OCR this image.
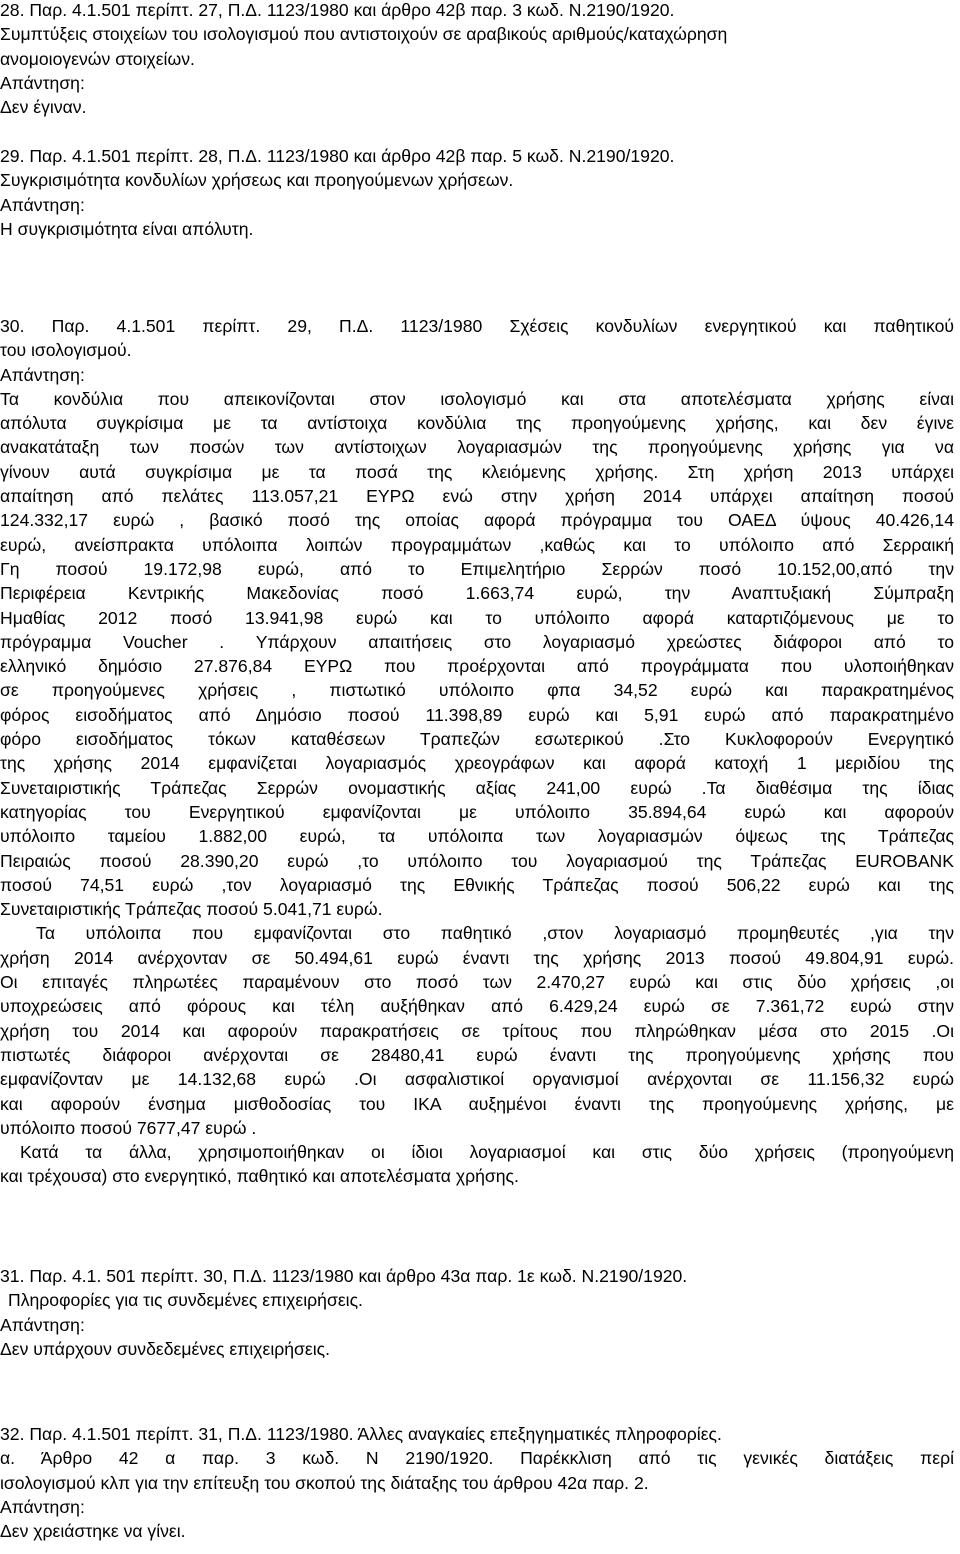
28. Παρ. 4.1.501 περίπτ. 27, Π.Δ. 1123/1980 και άρθρο 42β παρ. 3 κωδ. Ν.2190/1920.
Συμπτύξεις στοιχείων του ισολογισμού που αντιστοιχούν σε αραβικούς αριθμούς/καταχώρηση
ανομοιογενών στοιχείων.
Απάντηση:
Δεν έγιναν.
29. Παρ. 4.1.501 περίπτ. 28, Π.Δ. 1123/1980 και άρθρο 42β παρ. 5 κωδ. Ν.2190/1920.
Συγκρισιμότητα κονδυλίων χρήσεως και προηγούμενων χρήσεων.
Απάντηση:
Η συγκρισιμότητα είναι απόλυτη.
30. Παρ. 4.1.501 περίπτ. 29, Π.Δ. 1123/1980 Σχέσεις κονδυλίων ενεργητικού και παθητικού
του ισολογισμού.
Απάντηση:
Τα κονδύλια που απεικονίζονται στον ισολογισμό και στα αποτελέσματα χρήσης είναι
απόλυτα συγκρίσιμα με τα αντίστοιχα κονδύλια της προηγούμενης χρήσης, και δεν έγινε
ανακατάταξη των ποσών των αντίστοιχων λογαριασμών της προηγούμενης χρήσης για να
γίνουν αυτά συγκρίσιμα με τα ποσά της κλειόμενης χρήσης. Στη χρήση 2013 υπάρχει
απαίτηση από πελάτες 113.057,21 ΕΥΡΩ ενώ στην χρήση 2014 υπάρχει απαίτηση ποσού
124.332,17 ευρώ , βασικό ποσό της οποίας αφορά πρόγραμμα του ΟΑΕΔ ύψους 40.426,14
ευρώ, ανείσπρακτα υπόλοιπα λοιπών προγραμμάτων ,καθώς και το υπόλοιπο από Σερραική
Γη ποσού 19.172,98 ευρώ, από το Επιμελητήριο Σερρών ποσό 10.152,00,από την
Περιφέρεια Κεντρικής Μακεδονίας ποσό 1.663,74 ευρώ, την Αναπτυξιακή Σύμπραξη
Ημαθίας 2012 ποσό 13.941,98 ευρώ και το υπόλοιπο αφορά καταρτιζόμενους με το
πρόγραμμα Voucher . Υπάρχουν απαιτήσεις στο λογαριασμό χρεώστες διάφοροι από το
ελληνικό δημόσιο 27.876,84 ΕΥΡΩ που προέρχονται από προγράμματα που υλοποιήθηκαν
σε προηγούμενες χρήσεις , πιστωτικό υπόλοιπο φπα 34,52 ευρώ και παρακρατημένος
φόρος εισοδήματος από Δημόσιο ποσού 11.398,89 ευρώ και 5,91 ευρώ από παρακρατημένο
φόρο εισοδήματος τόκων καταθέσεων Τραπεζών εσωτερικού .Στο Κυκλοφορούν Ενεργητικό
της χρήσης 2014 εμφανίζεται λογαριασμός χρεογράφων και αφορά κατοχή 1 μεριδίου της
Συνεταιριστικής Τράπεζας Σερρών ονομαστικής αξίας 241,00 ευρώ .Τα διαθέσιμα της ίδιας
κατηγορίας του Ενεργητικού εμφανίζονται με υπόλοιπο 35.894,64 ευρώ και αφορούν
υπόλοιπο ταμείου 1.882,00 ευρώ, τα υπόλοιπα των λογαριασμών όψεως της Τράπεζας
Πειραιώς ποσού 28.390,20 ευρώ ,το υπόλοιπο του λογαριασμού της Τράπεζας EUROBANK
ποσού 74,51 ευρώ ,τον λογαριασμό της Εθνικής Τράπεζας ποσού 506,22 ευρώ και της
Συνεταιριστικής Τράπεζας ποσού 5.041,71 ευρώ.
Τα υπόλοιπα που εμφανίζονται στο παθητικό ,στον λογαριασμό προμηθευτές ,για την
χρήση 2014 ανέρχονταν σε 50.494,61 ευρώ έναντι της χρήσης 2013 ποσού 49.804,91 ευρώ.
Οι επιταγές πληρωτέες παραμένουν στο ποσό των 2.470,27 ευρώ και στις δύο χρήσεις ,οι
υποχρεώσεις από φόρους και τέλη αυξήθηκαν από 6.429,24 ευρώ σε 7.361,72 ευρώ στην
χρήση του 2014 και αφορούν παρακρατήσεις σε τρίτους που πληρώθηκαν μέσα στο 2015 .Οι
πιστωτές διάφοροι ανέρχονται σε 28480,41 ευρώ έναντι της προηγούμενης χρήσης που
εμφανίζονταν με 14.132,68 ευρώ .Οι ασφαλιστικοί οργανισμοί ανέρχονται σε 11.156,32 ευρώ
και αφορούν ένσημα μισθοδοσίας του ΙΚΑ αυξημένοι έναντι της προηγούμενης χρήσης, με
υπόλοιπο ποσού 7677,47 ευρώ .
Κατά τα άλλα, χρησιμοποιήθηκαν οι ίδιοι λογαριασμοί και στις δύο χρήσεις (προηγούμενη
και τρέχουσα) στο ενεργητικό, παθητικό και αποτελέσματα χρήσης.
31. Παρ. 4.1. 501 περίπτ. 30, Π.Δ. 1123/1980 και άρθρο 43α παρ. 1ε κωδ. Ν.2190/1920.
Πληροφορίες για τις συνδεμένες επιχειρήσεις.
Απάντηση:
Δεν υπάρχουν συνδεδεμένες επιχειρήσεις.
32. Παρ. 4.1.501 περίπτ. 31, Π.Δ. 1123/1980. Άλλες αναγκαίες επεξηγηματικές πληροφορίες.
α. Άρθρο 42 α παρ. 3 κωδ. Ν 2190/1920. Παρέκκλιση από τις γενικές διατάξεις περί
ισολογισμού κλπ για την επίτευξη του σκοπού της διάταξης του άρθρου 42α παρ. 2.
Απάντηση:
Δεν χρειάστηκε να γίνει.
